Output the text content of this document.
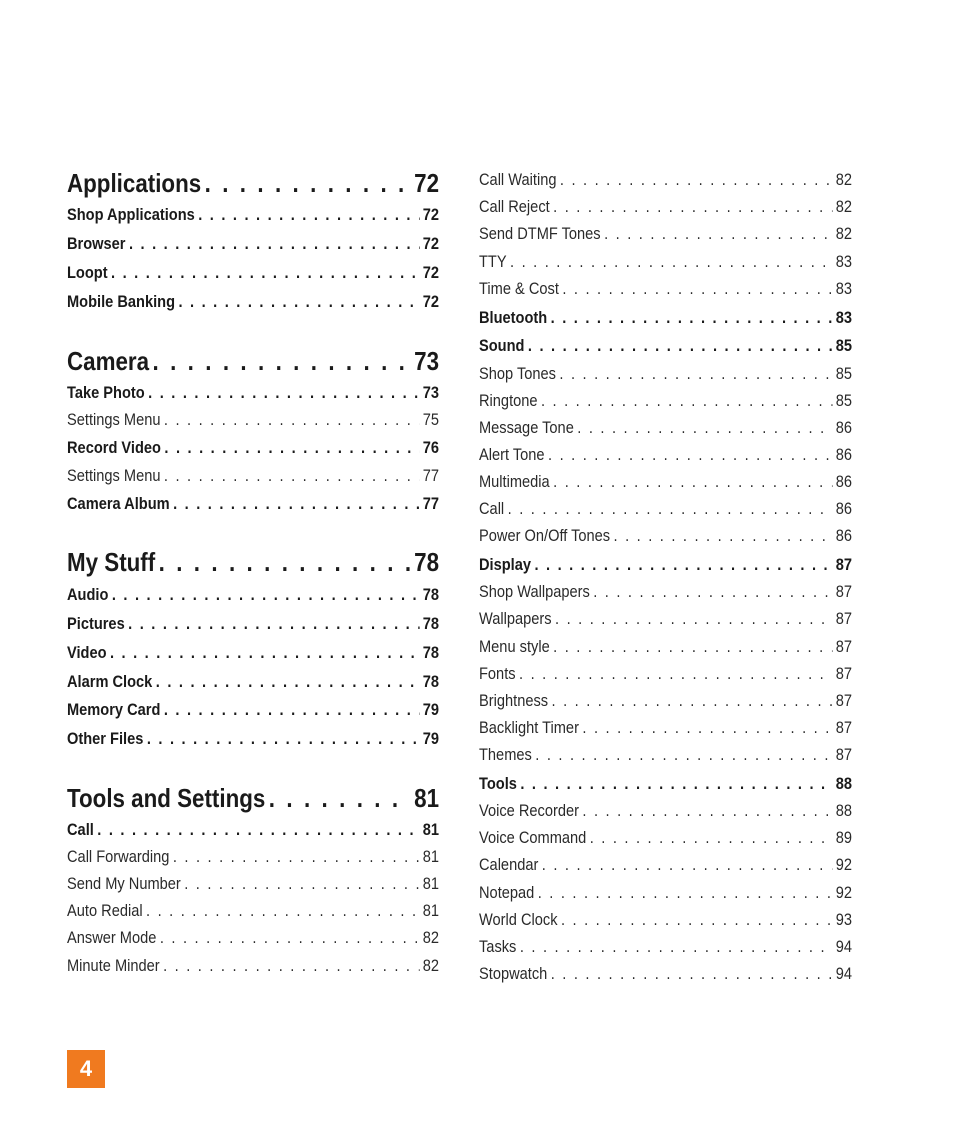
Applications . . .	72
Shop Applications . . .	72
Browser . . .	72
Loopt . . .	72
Mobile Banking . . .	72
Camera . . .	73
Take Photo . . .	73
Settings Menu . . .	75
Record Video . . .	76
Settings Menu . . .	77
Camera Album . . .	77
My Stuff . . .	78
Audio . . .	78
Pictures . . .	78
Video . . .	78
Alarm Clock . . .	78
Memory Card . . .	79
Other Files . . .	79
Tools and Settings . . .	81
Call . . .	81
Call Forwarding . . .	81
Send My Number . . .	81
Auto Redial . . .	81
Answer Mode . . .	82
Minute Minder . . .	82
Call Waiting . . .	82
Call Reject . . .	82
Send DTMF Tones . . .	82
TTY . . .	83
Time & Cost . . .	83
Bluetooth . . .	83
Sound . . .	85
Shop Tones . . .	85
Ringtone . . .	85
Message Tone . . .	86
Alert Tone . . .	86
Multimedia . . .	86
Call . . .	86
Power On/Off Tones . . .	86
Display . . .	87
Shop Wallpapers . . .	87
Wallpapers . . .	87
Menu style . . .	87
Fonts . . .	87
Brightness . . .	87
Backlight Timer . . .	87
Themes . . .	87
Tools . . .	88
Voice Recorder . . .	88
Voice Command . . .	89
Calendar . . .	92
Notepad . . .	92
World Clock . . .	93
Tasks . . .	94
Stopwatch . . .	94
4
